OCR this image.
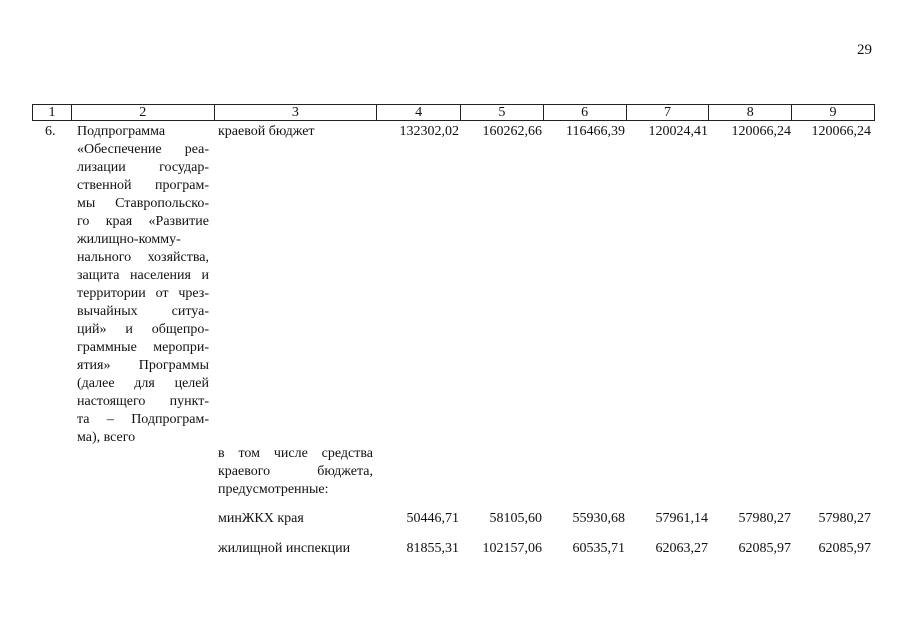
29
1	2	3	4	5	6	7	8	9
6. Подпрограмма
«Обеспечение реа-
лизации государ-
ственной програм-
мы Ставропольско-
го края «Развитие
жилищно-комму-
нального хозяйства,
защита населения и
территории от чрез-
вычайных ситуа-
ций» и общепро-
граммные меропри-
ятия» Программы
(далее для целей
настоящего пункт-
та – Подпрограм-
ма), всего
краевой бюджет	132302,02	160262,66	116466,39	120024,41	120066,24	120066,24
в том числе средства
краевого бюджета,
предусмотренные:
минЖКХ края	50446,71	58105,60	55930,68	57961,14	57980,27	57980,27
жилищной инспекции	81855,31	102157,06	60535,71	62063,27	62085,97	62085,97
